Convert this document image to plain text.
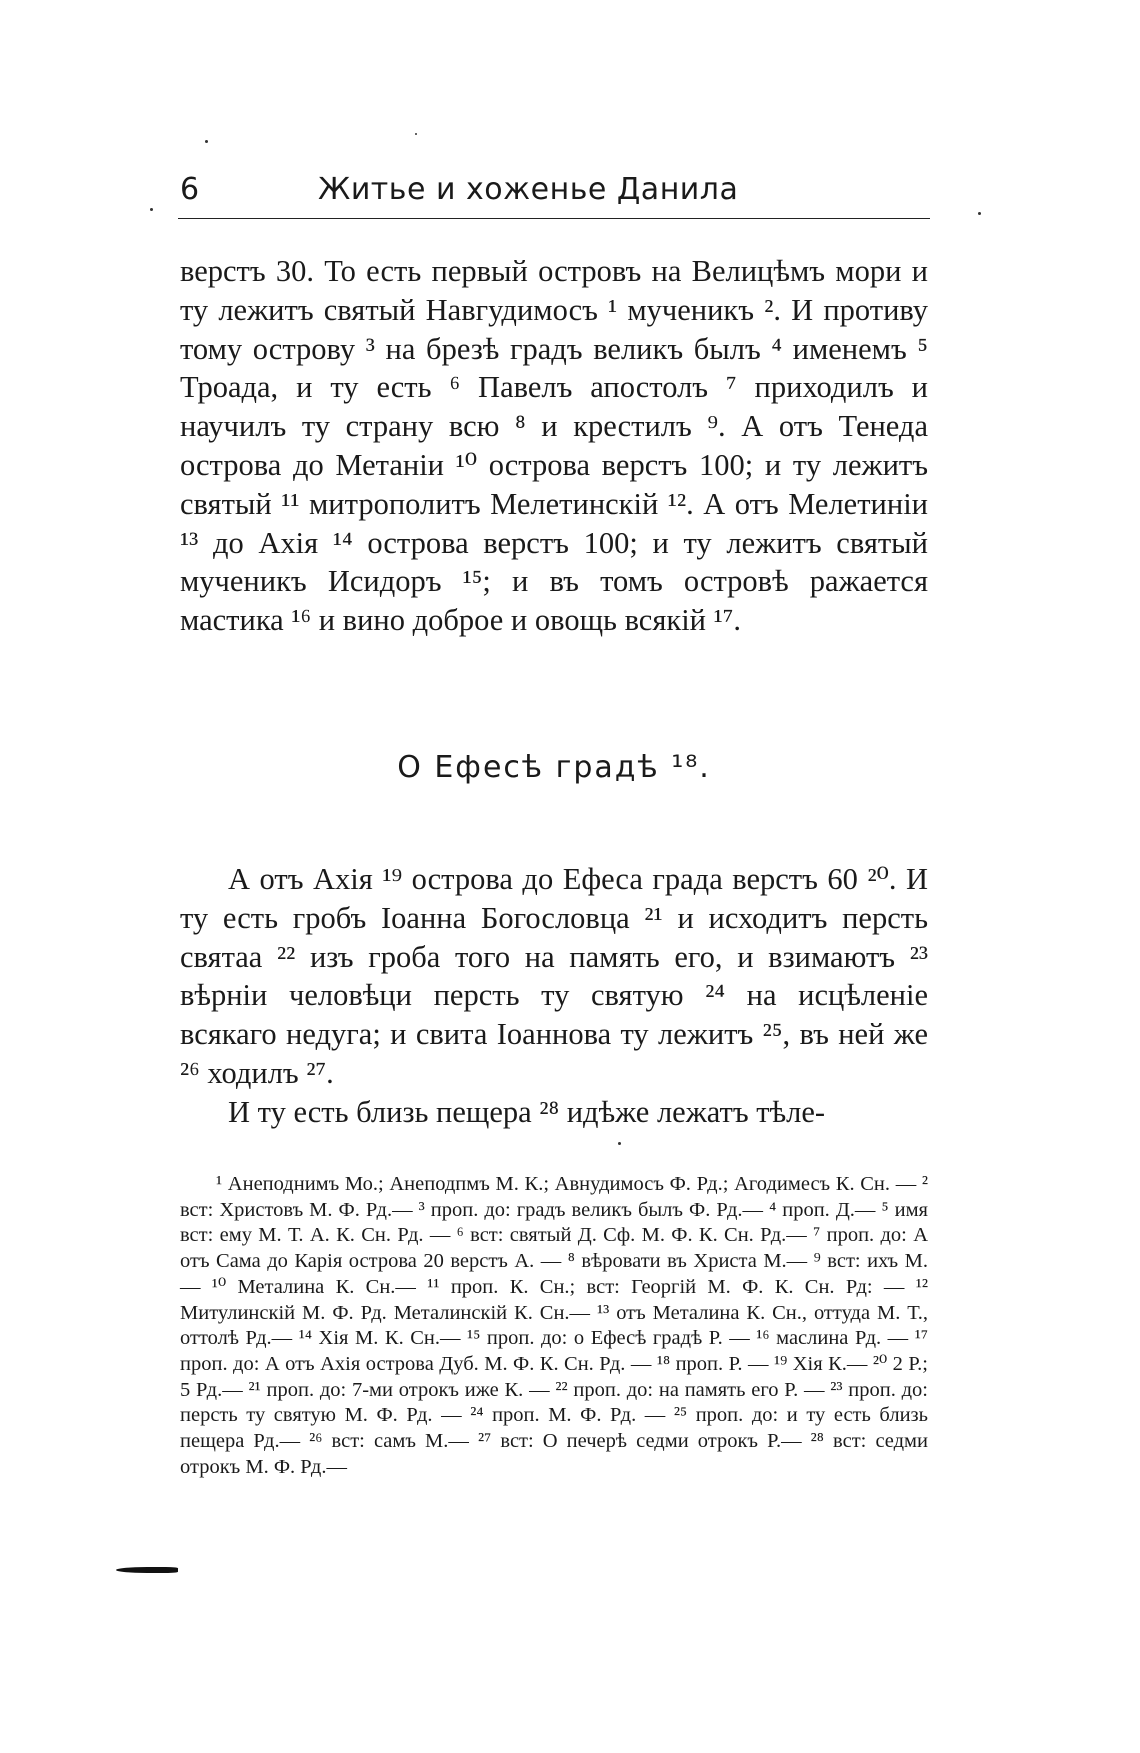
6	Житье и хоженье Данила

верстъ 30. То есть первый островъ на Велицѣмъ мори и ту лежитъ святый Навгудимосъ ¹ мученикъ ². И противу тому острову ³ на брезѣ градъ великъ былъ ⁴ именемъ ⁵ Троада, и ту есть ⁶ Павелъ апостолъ ⁷ приходилъ и научилъ ту страну всю ⁸ и крестилъ ⁹. А отъ Тенеда острова до Метаніи ¹⁰ острова верстъ 100; и ту лежитъ святый ¹¹ митрополитъ Мелетинскій ¹². А отъ Мелетиніи ¹³ до Ахія ¹⁴ острова верстъ 100; и ту лежитъ святый мученикъ Исидоръ ¹⁵; и въ томъ островѣ ражается мастика ¹⁶ и вино доброе и овощь всякій ¹⁷.

О Ефесѣ градѣ ¹⁸.

А отъ Ахія ¹⁹ острова до Ефеса града верстъ 60 ²⁰. И ту есть гробъ Іоанна Богословца ²¹ и исходитъ персть святаа ²² изъ гроба того на память его, и взимаютъ ²³ вѣрніи человѣци персть ту святую ²⁴ на исцѣленіе всякаго недуга; и свита Іоаннова ту лежитъ ²⁵, въ ней же ²⁶ ходилъ ²⁷.

И ту есть близь пещера ²⁸ идѣже лежатъ тѣле-

¹ Анеподнимъ Мо.; Анеподпмъ М. К.; Авнудимосъ Ф. Рд.; Агодимесъ К. Сн. — ² вст: Христовъ М. Ф. Рд.— ³ проп. до: градъ великъ былъ Ф. Рд.— ⁴ проп. Д.— ⁵ имя вст: ему М. Т. А. К. Сн. Рд. — ⁶ вст: святый Д. Сф. М. Ф. К. Сн. Рд.— ⁷ проп. до: А отъ Сама до Карія острова 20 верстъ А. — ⁸ вѣровати въ Христа М.— ⁹ вст: ихъ М. — ¹⁰ Металина К. Сн.— ¹¹ проп. К. Сн.; вст: Георгій М. Ф. К. Сн. Рд: — ¹² Митулинскій М. Ф. Рд. Металинскій К. Сн.— ¹³ отъ Металина К. Сн., оттуда М. Т., оттолѣ Рд.— ¹⁴ Хія М. К. Сн.— ¹⁵ проп. до: о Ефесѣ градѣ Р. — ¹⁶ маслина Рд. — ¹⁷ проп. до: А отъ Ахія острова Дуб. М. Ф. К. Сн. Рд. — ¹⁸ проп. Р. — ¹⁹ Хія К.— ²⁰ 2 Р.; 5 Рд.— ²¹ проп. до: 7-ми отрокъ иже К. — ²² проп. до: на память его Р. — ²³ проп. до: персть ту святую М. Ф. Рд. — ²⁴ проп. М. Ф. Рд. — ²⁵ проп. до: и ту есть близь пещера Рд.— ²⁶ вст: самъ М.— ²⁷ вст: О печерѣ седми отрокъ Р.— ²⁸ вст: седми отрокъ М. Ф. Рд.—
